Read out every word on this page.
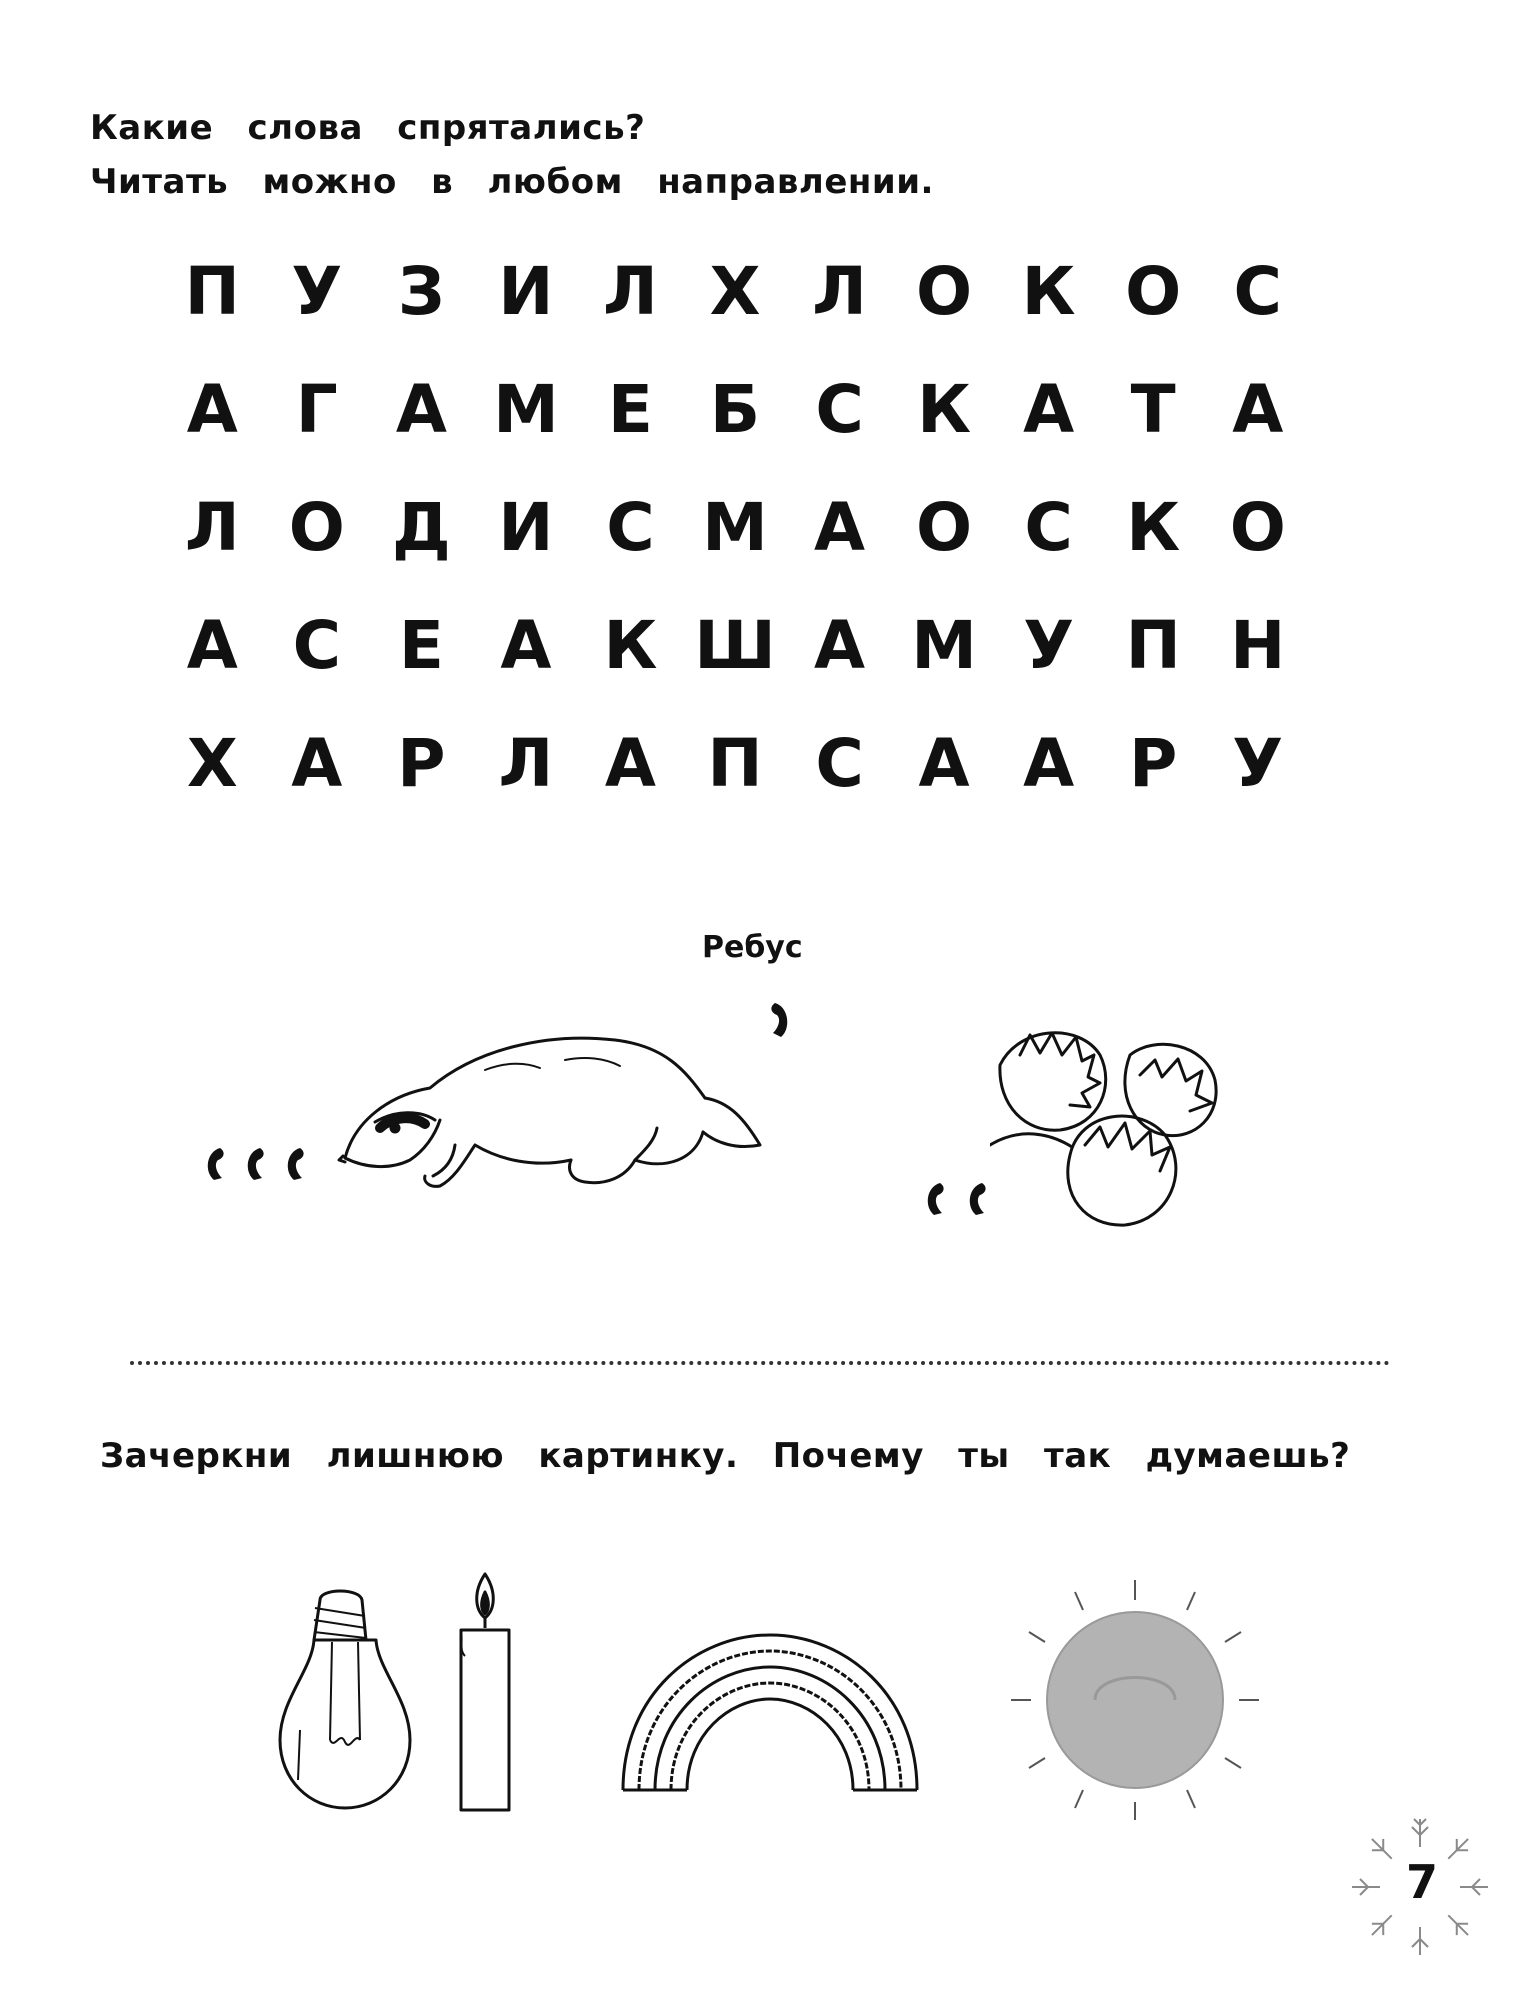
Какие слова спрятались?
Читать можно в любом направлении.
П У З И Л Х Л О К О С
А Г А М Е Б С К А Т А
Л О Д И С М А О С К О
А С Е А К Ш А М У П Н
Х А Р Л А П С А А Р У
Ребус
Зачеркни лишнюю картинку. Почему ты так думаешь?
7
